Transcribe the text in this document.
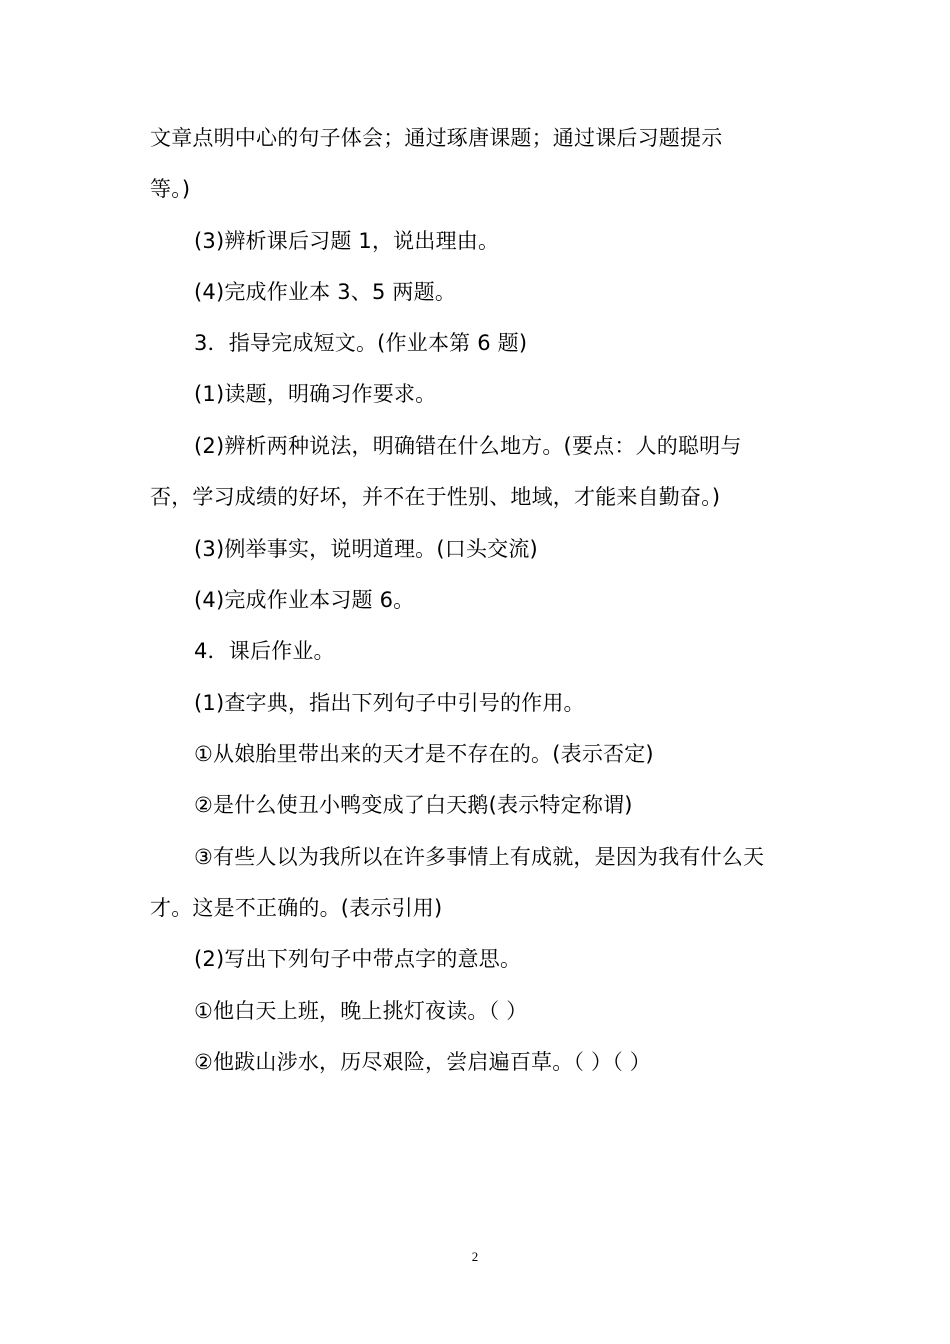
文章点明中心的句子体会；通过琢唐课题；通过课后习题提示
等。)
(3)辨析课后习题 1，说出理由。
(4)完成作业本 3、5 两题。
3．指导完成短文。(作业本第 6 题)
(1)读题，明确习作要求。
(2)辨析两种说法，明确错在什么地方。(要点：人的聪明与
否，学习成绩的好坏，并不在于性别、地域，才能来自勤奋。)
(3)例举事实，说明道理。(口头交流)
(4)完成作业本习题 6。
4．课后作业。
(1)查字典，指出下列句子中引号的作用。
①从娘胎里带出来的天才是不存在的。(表示否定)
②是什么使丑小鸭变成了白天鹅(表示特定称谓)
③有些人以为我所以在许多事情上有成就，是因为我有什么天
才。这是不正确的。(表示引用)
(2)写出下列句子中带点字的意思。
①他白天上班，晚上挑灯夜读。（ ）
②他跋山涉水，历尽艰险，尝启遍百草。（ ）（ ）
2
